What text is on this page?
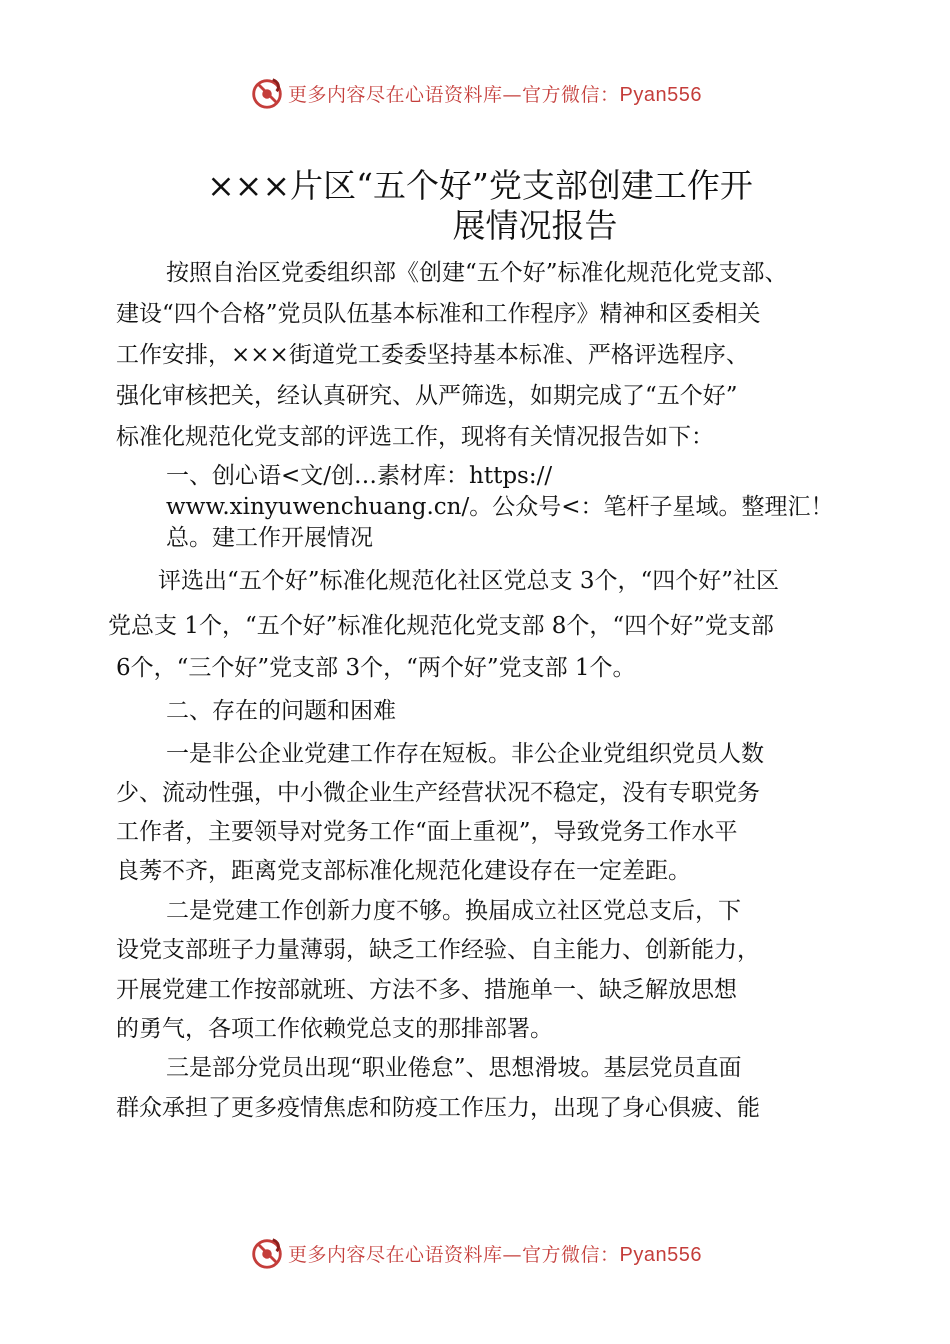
更多内容尽在心语资料库—官方微信：Pyan556
×××片区“五个好”党支部创建工作开
展情况报告
按照自治区党委组织部《创建“五个好”标准化规范化党支部、
建设“四个合格”党员队伍基本标准和工作程序》精神和区委相关
工作安排，×××街道党工委委坚持基本标准、严格评选程序、
强化审核把关，经认真研究、从严筛选，如期完成了“五个好”
标准化规范化党支部的评选工作，现将有关情况报告如下：
一、创心语<文/创…素材库：https://
www.xinyuwenchuang.cn/。公众号<：笔杆子星域。整理汇！
总。建工作开展情况
评选出“五个好”标准化规范化社区党总支 3个，“四个好”社区
党总支 1个，“五个好”标准化规范化党支部 8个，“四个好”党支部
6个，“三个好”党支部 3个，“两个好”党支部 1个。
二、存在的问题和困难
一是非公企业党建工作存在短板。非公企业党组织党员人数
少、流动性强，中小微企业生产经营状况不稳定，没有专职党务
工作者，主要领导对党务工作“面上重视”，导致党务工作水平
良莠不齐，距离党支部标准化规范化建设存在一定差距。
二是党建工作创新力度不够。换届成立社区党总支后，下
设党支部班子力量薄弱，缺乏工作经验、自主能力、创新能力，
开展党建工作按部就班、方法不多、措施单一、缺乏解放思想
的勇气，各项工作依赖党总支的那排部署。
三是部分党员出现“职业倦怠”、思想滑坡。基层党员直面
群众承担了更多疫情焦虑和防疫工作压力，出现了身心俱疲、能
更多内容尽在心语资料库—官方微信：Pyan556
